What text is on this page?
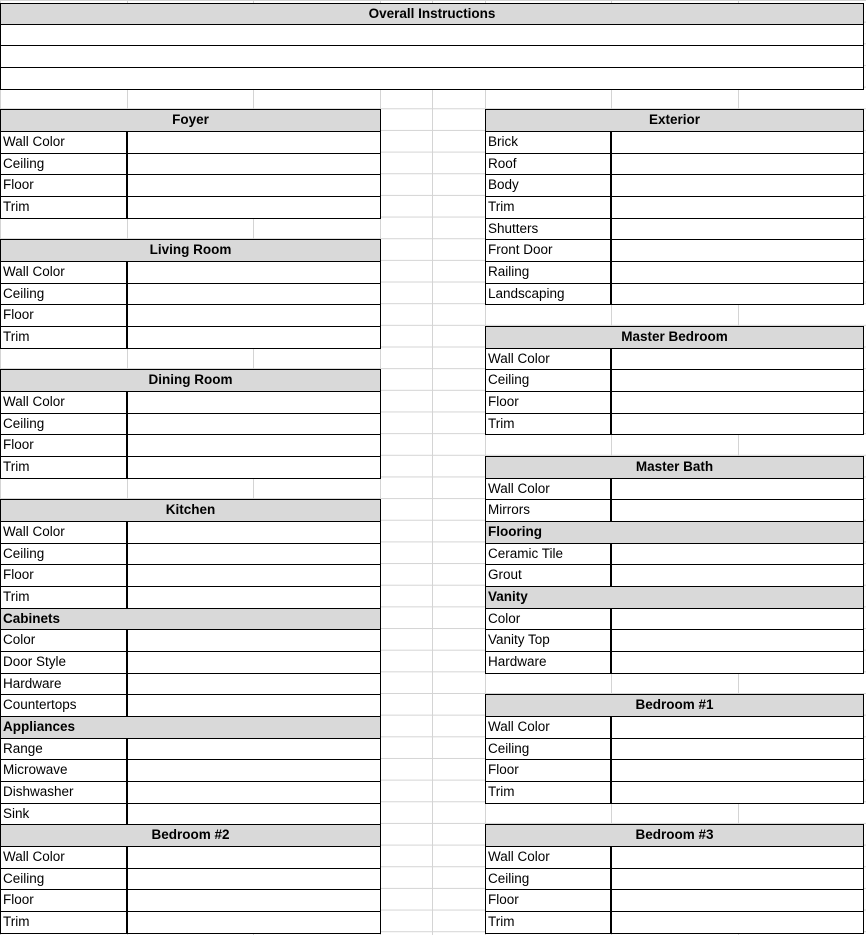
Overall Instructions
Foyer
Wall Color
Ceiling
Floor
Trim
Living Room
Wall Color
Ceiling
Floor
Trim
Dining Room
Wall Color
Ceiling
Floor
Trim
Kitchen
Wall Color
Ceiling
Floor
Trim
Cabinets
Color
Door Style
Hardware
Countertops
Appliances
Range
Microwave
Dishwasher
Sink
Bedroom #2
Wall Color
Ceiling
Floor
Trim
Exterior
Brick
Roof
Body
Trim
Shutters
Front Door
Railing
Landscaping
Master Bedroom
Wall Color
Ceiling
Floor
Trim
Master Bath
Wall Color
Mirrors
Flooring
Ceramic Tile
Grout
Vanity
Color
Vanity Top
Hardware
Bedroom #1
Wall Color
Ceiling
Floor
Trim
Bedroom #3
Wall Color
Ceiling
Floor
Trim
